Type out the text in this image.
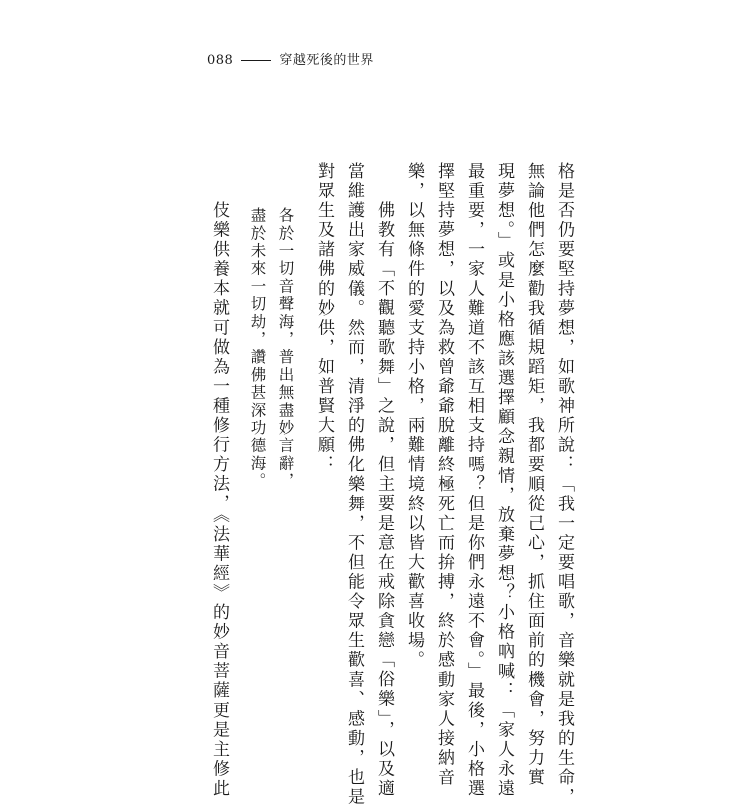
088	穿越死後的世界
格是否仍要堅持夢想，如歌神所說：「我一定要唱歌，音樂就是我的生命，
無論他們怎麼勸我循規蹈矩，我都要順從己心，抓住面前的機會，努力實
現夢想。」或是小格應該選擇顧念親情，放棄夢想？小格吶喊：「家人永遠
最重要，一家人難道不該互相支持嗎？但是你們永遠不會。」最後，小格選
擇堅持夢想，以及為救曾爺爺脫離終極死亡而拚搏，終於感動家人接納音
樂，以無條件的愛支持小格，兩難情境終以皆大歡喜收場。
佛教有「不觀聽歌舞」之說，但主要是意在戒除貪戀「俗樂」，以及適
當維護出家威儀。然而，清淨的佛化樂舞，不但能令眾生歡喜、感動，也是
對眾生及諸佛的妙供，如普賢大願：
各於一切音聲海，普出無盡妙言辭，
盡於未來一切劫，讚佛甚深功德海。
伎樂供養本就可做為一種修行方法，《法華經》的妙音菩薩更是主修此
